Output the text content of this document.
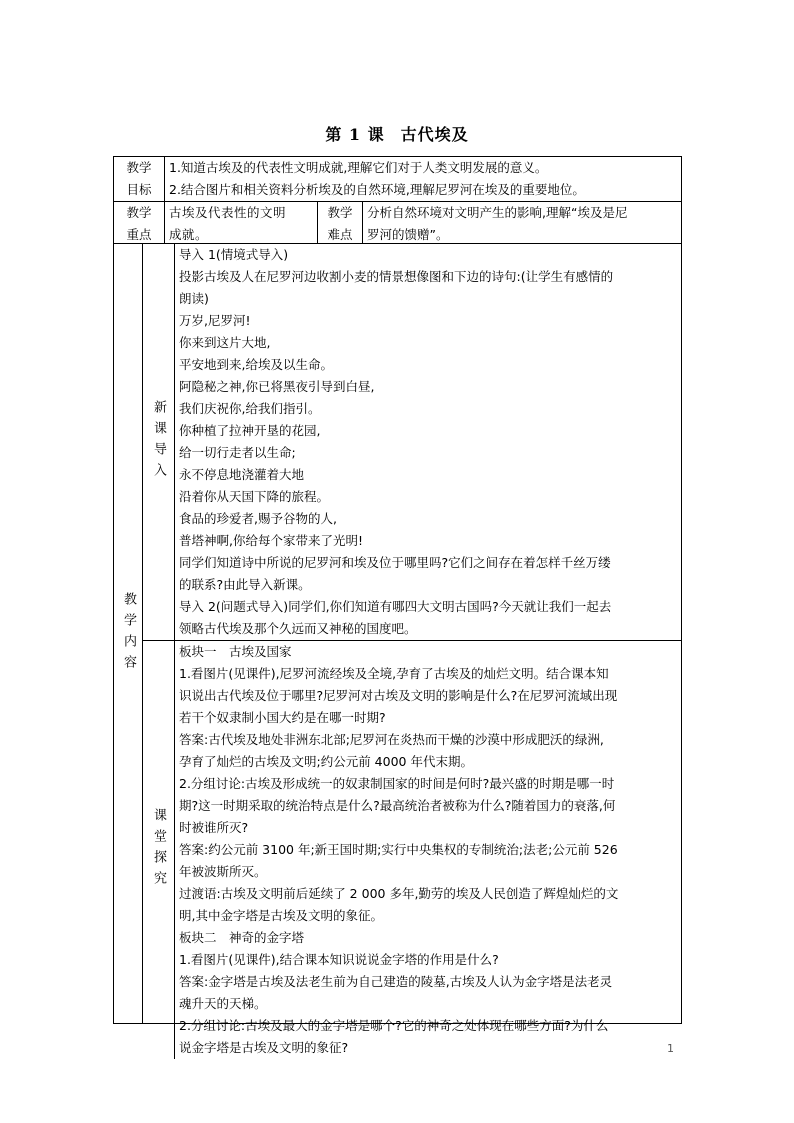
第 1 课 古代埃及
教学
目标
1.知道古埃及的代表性文明成就,理解它们对于人类文明发展的意义。
2.结合图片和相关资料分析埃及的自然环境,理解尼罗河在埃及的重要地位。
教学
重点
古埃及代表性的文明
成就。
教学
难点
分析自然环境对文明产生的影响,理解“埃及是尼
罗河的馈赠”。
教学内容
新课导入
导入 1(情境式导入)
投影古埃及人在尼罗河边收割小麦的情景想像图和下边的诗句:(让学生有感情的
朗读)
万岁,尼罗河!
你来到这片大地,
平安地到来,给埃及以生命。
阿隐秘之神,你已将黑夜引导到白昼,
我们庆祝你,给我们指引。
你种植了拉神开垦的花园,
给一切行走者以生命;
永不停息地浇灌着大地
沿着你从天国下降的旅程。
食品的珍爱者,赐予谷物的人,
普塔神啊,你给每个家带来了光明!
同学们知道诗中所说的尼罗河和埃及位于哪里吗?它们之间存在着怎样千丝万缕
的联系?由此导入新课。
导入 2(问题式导入)同学们,你们知道有哪四大文明古国吗?今天就让我们一起去
领略古代埃及那个久远而又神秘的国度吧。
课堂探究
板块一　古埃及国家
1.看图片(见课件),尼罗河流经埃及全境,孕育了古埃及的灿烂文明。结合课本知
识说出古代埃及位于哪里?尼罗河对古埃及文明的影响是什么?在尼罗河流域出现
若干个奴隶制小国大约是在哪一时期?
答案:古代埃及地处非洲东北部;尼罗河在炎热而干燥的沙漠中形成肥沃的绿洲,
孕育了灿烂的古埃及文明;约公元前 4000 年代末期。
2.分组讨论:古埃及形成统一的奴隶制国家的时间是何时?最兴盛的时期是哪一时
期?这一时期采取的统治特点是什么?最高统治者被称为什么?随着国力的衰落,何
时被谁所灭?
答案:约公元前 3100 年;新王国时期;实行中央集权的专制统治;法老;公元前 526
年被波斯所灭。
过渡语:古埃及文明前后延续了 2 000 多年,勤劳的埃及人民创造了辉煌灿烂的文
明,其中金字塔是古埃及文明的象征。
板块二　神奇的金字塔
1.看图片(见课件),结合课本知识说说金字塔的作用是什么?
答案:金字塔是古埃及法老生前为自己建造的陵墓,古埃及人认为金字塔是法老灵
魂升天的天梯。
2.分组讨论:古埃及最大的金字塔是哪个?它的神奇之处体现在哪些方面?为什么
说金字塔是古埃及文明的象征?	1
